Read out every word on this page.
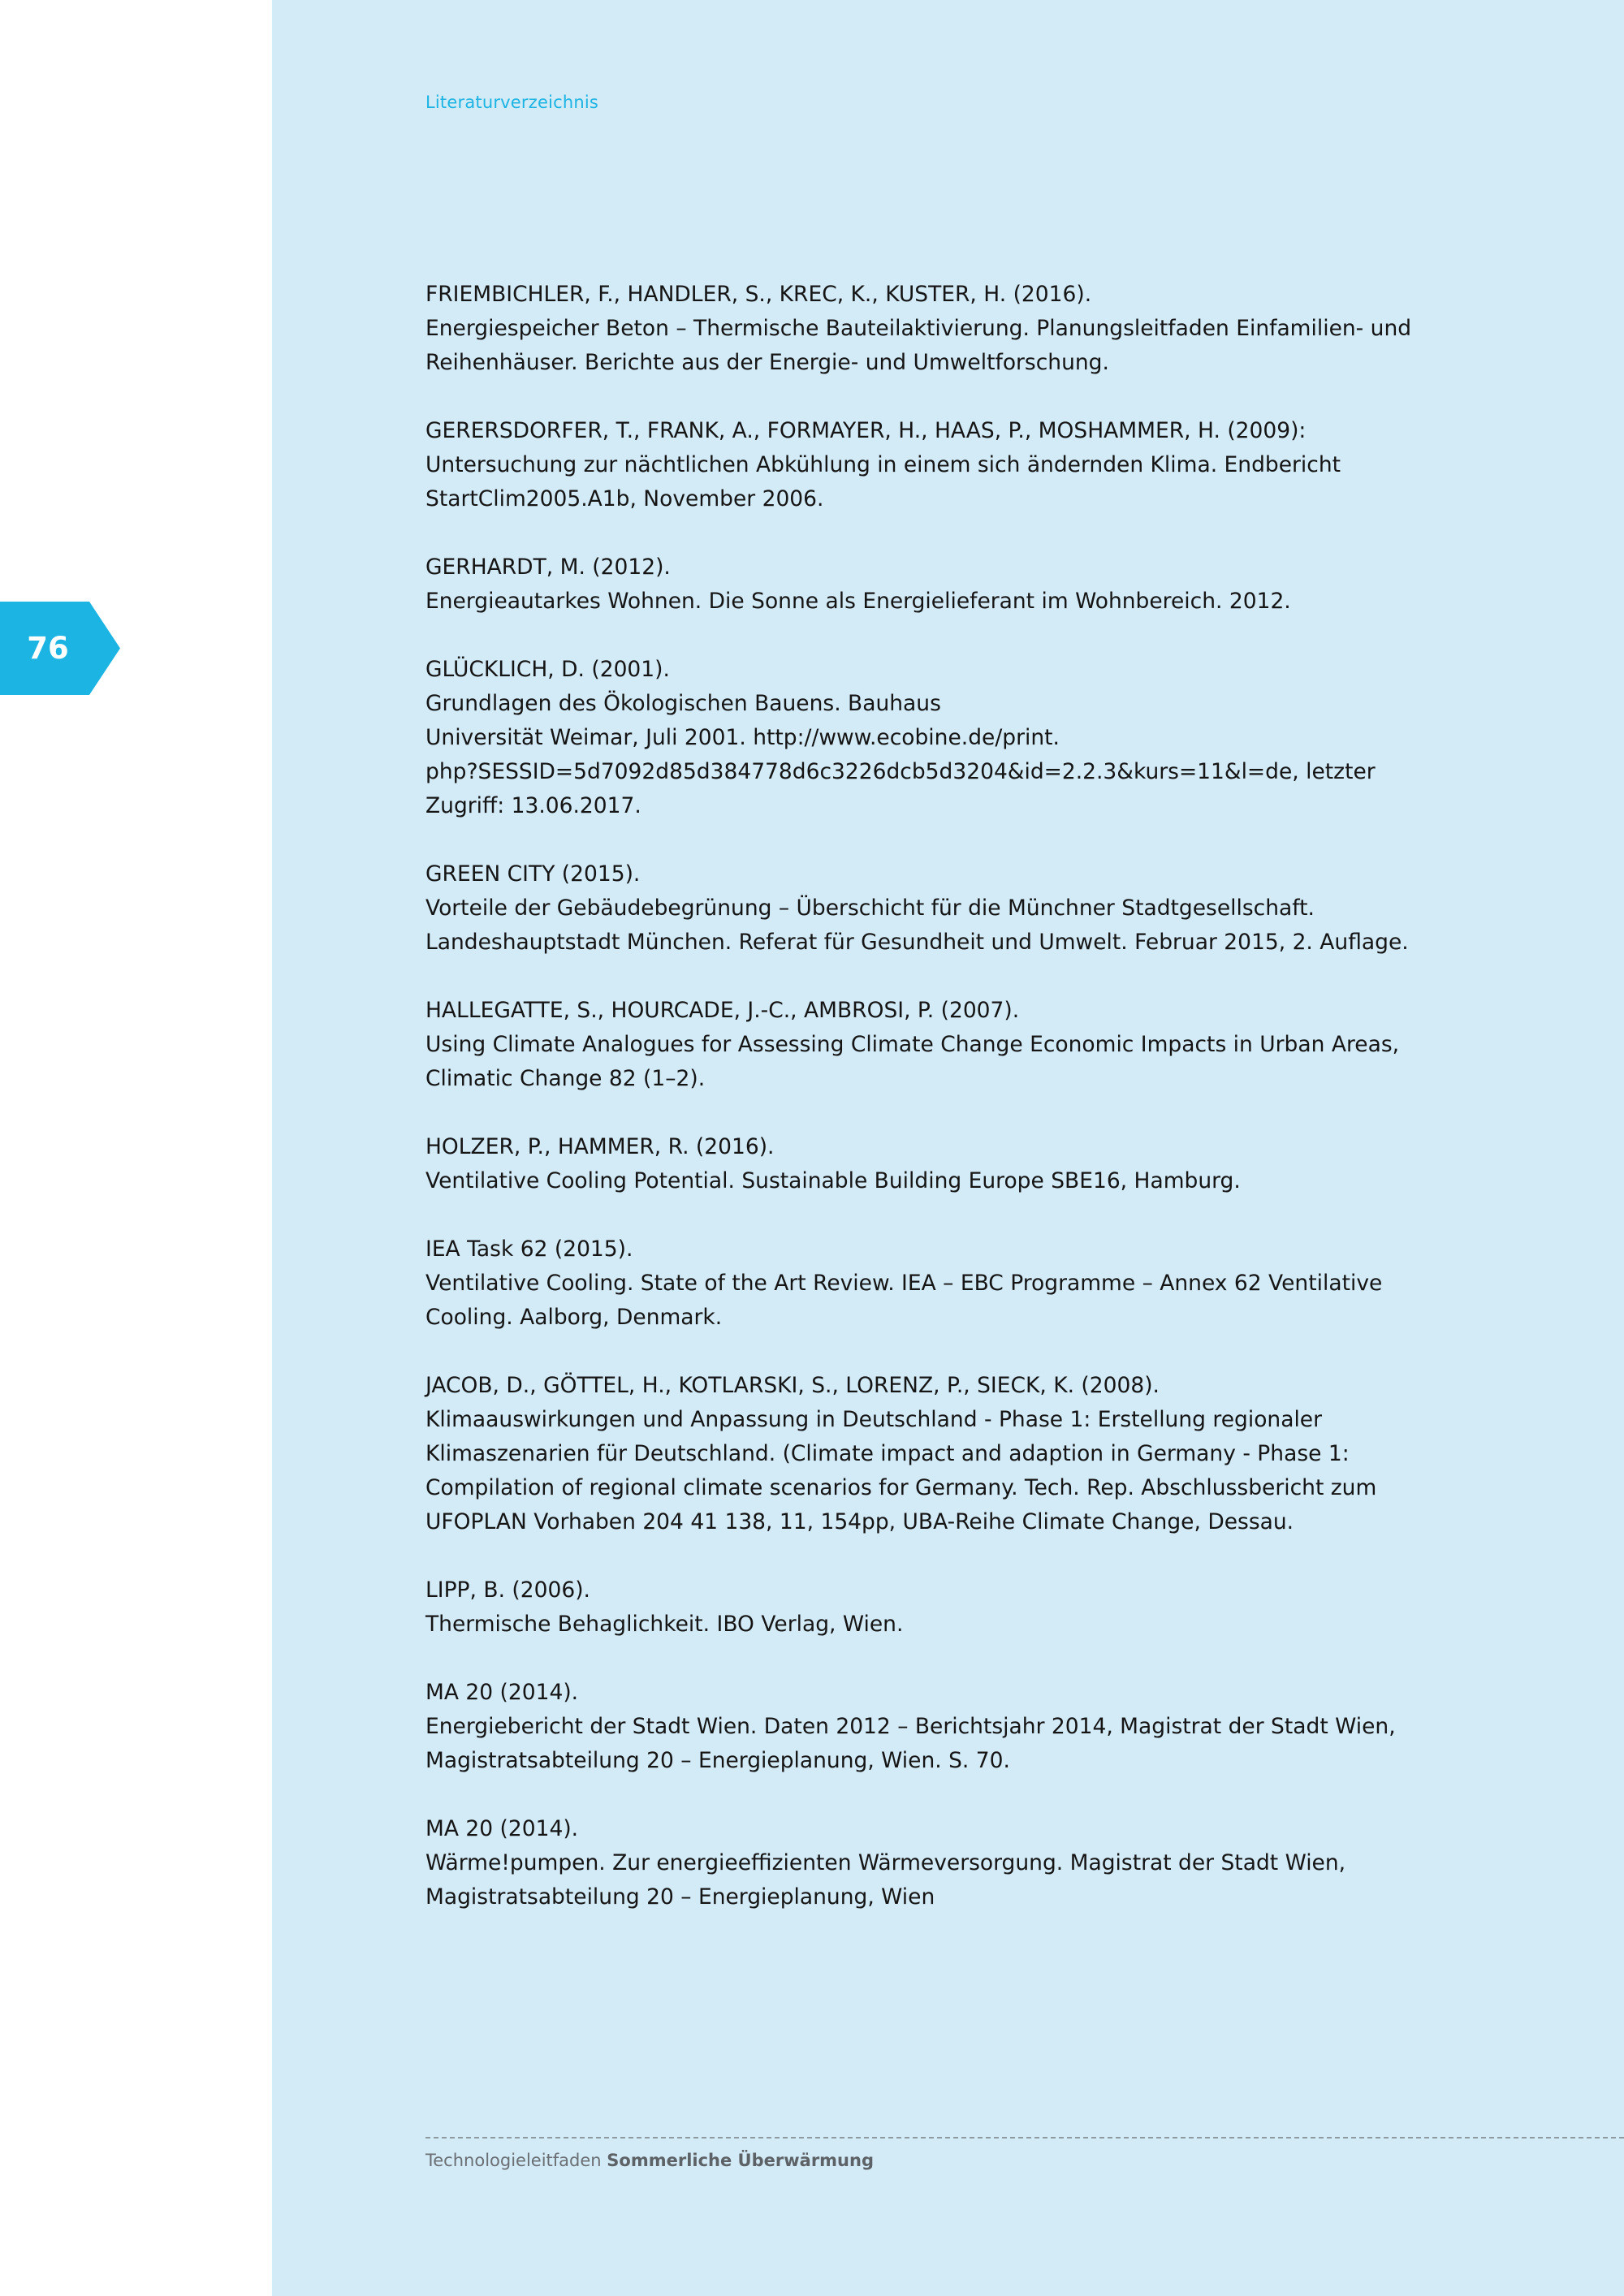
Literaturverzeichnis
76
FRIEMBICHLER, F., HANDLER, S., KREC, K., KUSTER, H. (2016).
Energiespeicher Beton – Thermische Bauteilaktivierung. Planungsleitfaden Einfamilien- und
Reihenhäuser. Berichte aus der Energie- und Umweltforschung.
GERERSDORFER, T., FRANK, A., FORMAYER, H., HAAS, P., MOSHAMMER, H. (2009):
Untersuchung zur nächtlichen Abkühlung in einem sich ändernden Klima. Endbericht
StartClim2005.A1b, November 2006.
GERHARDT, M. (2012).
Energieautarkes Wohnen. Die Sonne als Energielieferant im Wohnbereich. 2012.
GLÜCKLICH, D. (2001).
Grundlagen des Ökologischen Bauens. Bauhaus
Universität Weimar, Juli 2001. http://www.ecobine.de/print.
php?SESSID=5d7092d85d384778d6c3226dcb5d3204&id=2.2.3&kurs=11&l=de, letzter
Zugriff: 13.06.2017.
GREEN CITY (2015).
Vorteile der Gebäudebegrünung – Überschicht für die Münchner Stadtgesellschaft.
Landeshauptstadt München. Referat für Gesundheit und Umwelt. Februar 2015, 2. Auflage.
HALLEGATTE, S., HOURCADE, J.-C., AMBROSI, P. (2007).
Using Climate Analogues for Assessing Climate Change Economic Impacts in Urban Areas,
Climatic Change 82 (1–2).
HOLZER, P., HAMMER, R. (2016).
Ventilative Cooling Potential. Sustainable Building Europe SBE16, Hamburg.
IEA Task 62 (2015).
Ventilative Cooling. State of the Art Review. IEA – EBC Programme – Annex 62 Ventilative
Cooling. Aalborg, Denmark.
JACOB, D., GÖTTEL, H., KOTLARSKI, S., LORENZ, P., SIECK, K. (2008).
Klimaauswirkungen und Anpassung in Deutschland - Phase 1: Erstellung regionaler
Klimaszenarien für Deutschland. (Climate impact and adaption in Germany - Phase 1:
Compilation of regional climate scenarios for Germany. Tech. Rep. Abschlussbericht zum
UFOPLAN Vorhaben 204 41 138, 11, 154pp, UBA-Reihe Climate Change, Dessau.
LIPP, B. (2006).
Thermische Behaglichkeit. IBO Verlag, Wien.
MA 20 (2014).
Energiebericht der Stadt Wien. Daten 2012 – Berichtsjahr 2014, Magistrat der Stadt Wien,
Magistratsabteilung 20 – Energieplanung, Wien. S. 70.
MA 20 (2014).
Wärme!pumpen. Zur energieeffizienten Wärmeversorgung. Magistrat der Stadt Wien,
Magistratsabteilung 20 – Energieplanung, Wien
Technologieleitfaden Sommerliche Überwärmung
